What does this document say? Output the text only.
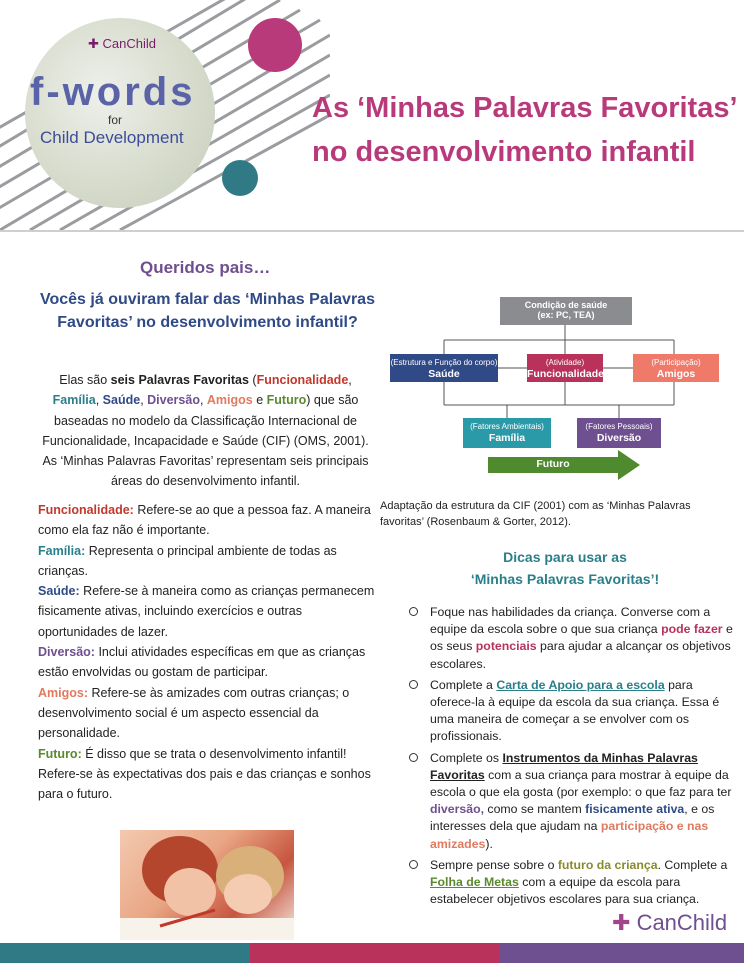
✚ CanChild
f-words
for
Child Development
As ‘Minhas Palavras Favoritas’
no desenvolvimento infantil
Queridos pais…
Vocês já ouviram falar das ‘Minhas Palavras Favoritas’ no desenvolvimento infantil?
Elas são seis Palavras Favoritas (Funcionalidade, Família, Saúde, Diversão, Amigos e Futuro) que são baseadas no modelo da Classificação Internacional de Funcionalidade, Incapacidade e Saúde (CIF) (OMS, 2001). As ‘Minhas Palavras Favoritas’ representam seis principais áreas do desenvolvimento infantil.

Funcionalidade: Refere-se ao que a pessoa faz. A maneira como ela faz não é importante.

Família: Representa o principal ambiente de todas as crianças.

Saúde: Refere-se à maneira como as crianças permanecem fisicamente ativas, incluindo exercícios e outras oportunidades de lazer.

Diversão: Inclui atividades específicas em que as crianças estão envolvidas ou gostam de participar.

Amigos: Refere-se às amizades com outras crianças; o desenvolvimento social é um aspecto essencial da personalidade.

Futuro: É disso que se trata o desenvolvimento infantil! Refere-se às expectativas dos pais e das crianças e sonhos para o futuro.

Condição de saúde
(ex: PC, TEA)
(Estrutura e Função do corpo)
Saúde
(Atividade)
Funcionalidade
(Participação)
Amigos
(Fatores Ambientais)
Família
(Fatores Pessoais)
Diversão
Futuro
Adaptação da estrutura da CIF (2001) com as ‘Minhas Palavras favoritas’ (Rosenbaum & Gorter, 2012).
Dicas para usar as
‘Minhas Palavras Favoritas’!
Foque nas habilidades da criança. Converse com a equipe da escola sobre o que sua criança pode fazer e os seus potenciais para ajudar a alcançar os objetivos escolares.
Complete a Carta de Apoio para a escola para oferece-la à equipe da escola da sua criança. Essa é uma maneira de começar a se envolver com os profissionais.
Complete os Instrumentos da Minhas Palavras Favoritas com a sua criança para mostrar à equipe da escola o que ela gosta (por exemplo: o que faz para ter diversão, como se mantem fisicamente ativa, e os interesses dela que ajudam na participação e nas amizades).
Sempre pense sobre o futuro da criança. Complete a Folha de Metas com a equipe da escola para estabelecer objetivos escolares para sua criança.
✚ CanChild
